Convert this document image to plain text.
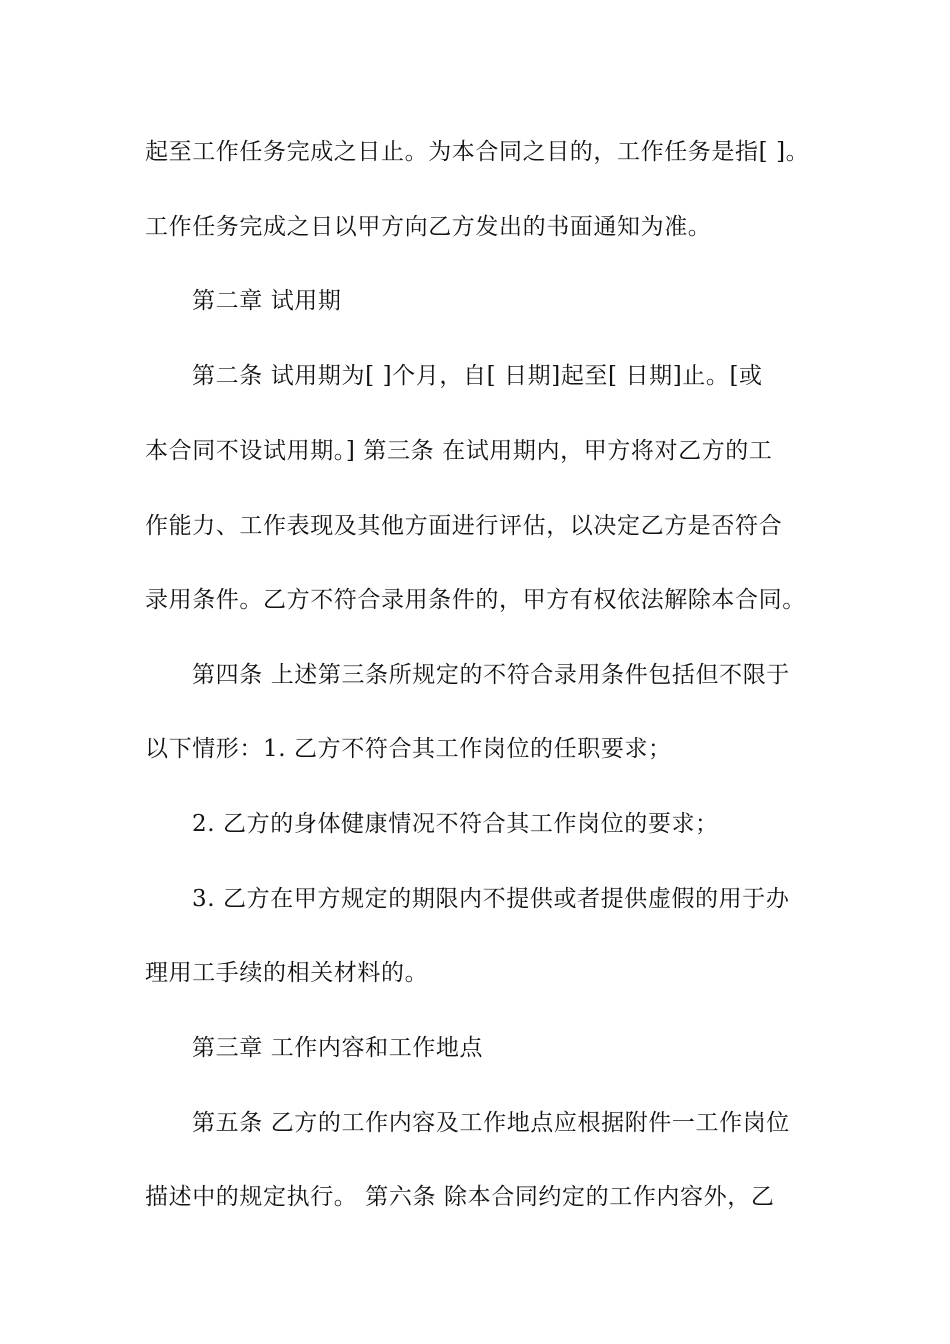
起至工作任务完成之日止。为本合同之目的，工作任务是指[ ]。
工作任务完成之日以甲方向乙方发出的书面通知为准。
第二章 试用期
第二条 试用期为[ ]个月，自[ 日期]起至[ 日期]止。[或
本合同不设试用期。] 第三条 在试用期内，甲方将对乙方的工
作能力、工作表现及其他方面进行评估，以决定乙方是否符合
录用条件。乙方不符合录用条件的，甲方有权依法解除本合同。
第四条 上述第三条所规定的不符合录用条件包括但不限于
以下情形：1. 乙方不符合其工作岗位的任职要求；
2. 乙方的身体健康情况不符合其工作岗位的要求；
3. 乙方在甲方规定的期限内不提供或者提供虚假的用于办
理用工手续的相关材料的。
第三章 工作内容和工作地点
第五条 乙方的工作内容及工作地点应根据附件一工作岗位
描述中的规定执行。 第六条 除本合同约定的工作内容外，乙
